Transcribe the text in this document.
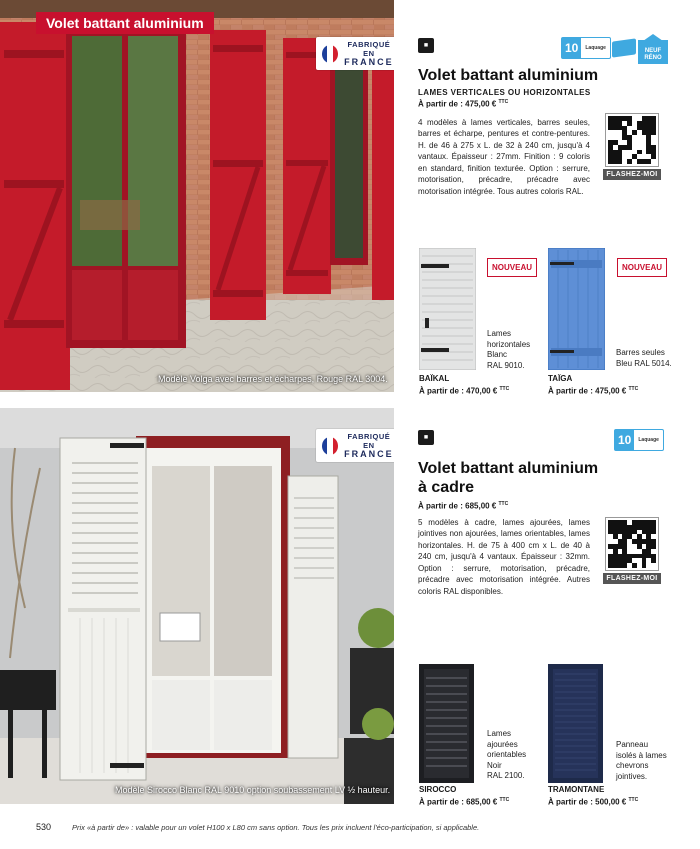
Volet battant aluminium
FABRIQUÉ EN
FRANCE
Modèle Volga avec barres et écharpes, Rouge RAL 3004.
FABRIQUÉ EN
FRANCE
Modèle Sirocco Blanc RAL 9010 option soubassement LV ½ hauteur.
■	10	Laquage	NEUF
RÉNO
Volet battant aluminium
LAMES VERTICALES OU HORIZONTALES
À partir de : 475,00 € $^{TTC}$
4 modèles à lames verticales, barres seules, barres et écharpe, pentures et contre-pentures. H. de 46 à 275 x L. de 32 à 240 cm, jusqu'à 4 vantaux. Épaisseur : 27mm. Finition : 9 coloris en standard, finition texturée. Option : serrure, motorisation, précadre, précadre avec motorisation intégrée. Tous autres coloris RAL.
FLASHEZ-MOI
NOUVEAU
Lames
horizontales
Blanc
RAL 9010.
BAÏKAL
À partir de : 470,00 € $^{TTC}$
NOUVEAU
Barres seules
Bleu RAL 5014.
TAÏGA
À partir de : 475,00 € $^{TTC}$
■	10	Laquage
Volet battant aluminium
à cadre
À partir de : 685,00 € $^{TTC}$
5 modèles à cadre, lames ajourées, lames jointives non ajourées, lames orientables, lames horizontales. H. de 75 à 400 cm x L. de 40 à 240 cm, jusqu'à 4 vantaux. Épaisseur : 32mm. Option : serrure, motorisation, précadre, précadre avec motorisation intégrée. Autres coloris RAL disponibles.
FLASHEZ-MOI
Lames
ajourées
orientables
Noir
RAL 2100.
SIROCCO
À partir de : 685,00 € $^{TTC}$
Panneau
isolés à lames
chevrons
jointives.
TRAMONTANE
À partir de : 500,00 € $^{TTC}$
530	Prix «à partir de» : valable pour un volet H100 x L80 cm sans option. Tous les prix incluent l'éco-participation, si applicable.
